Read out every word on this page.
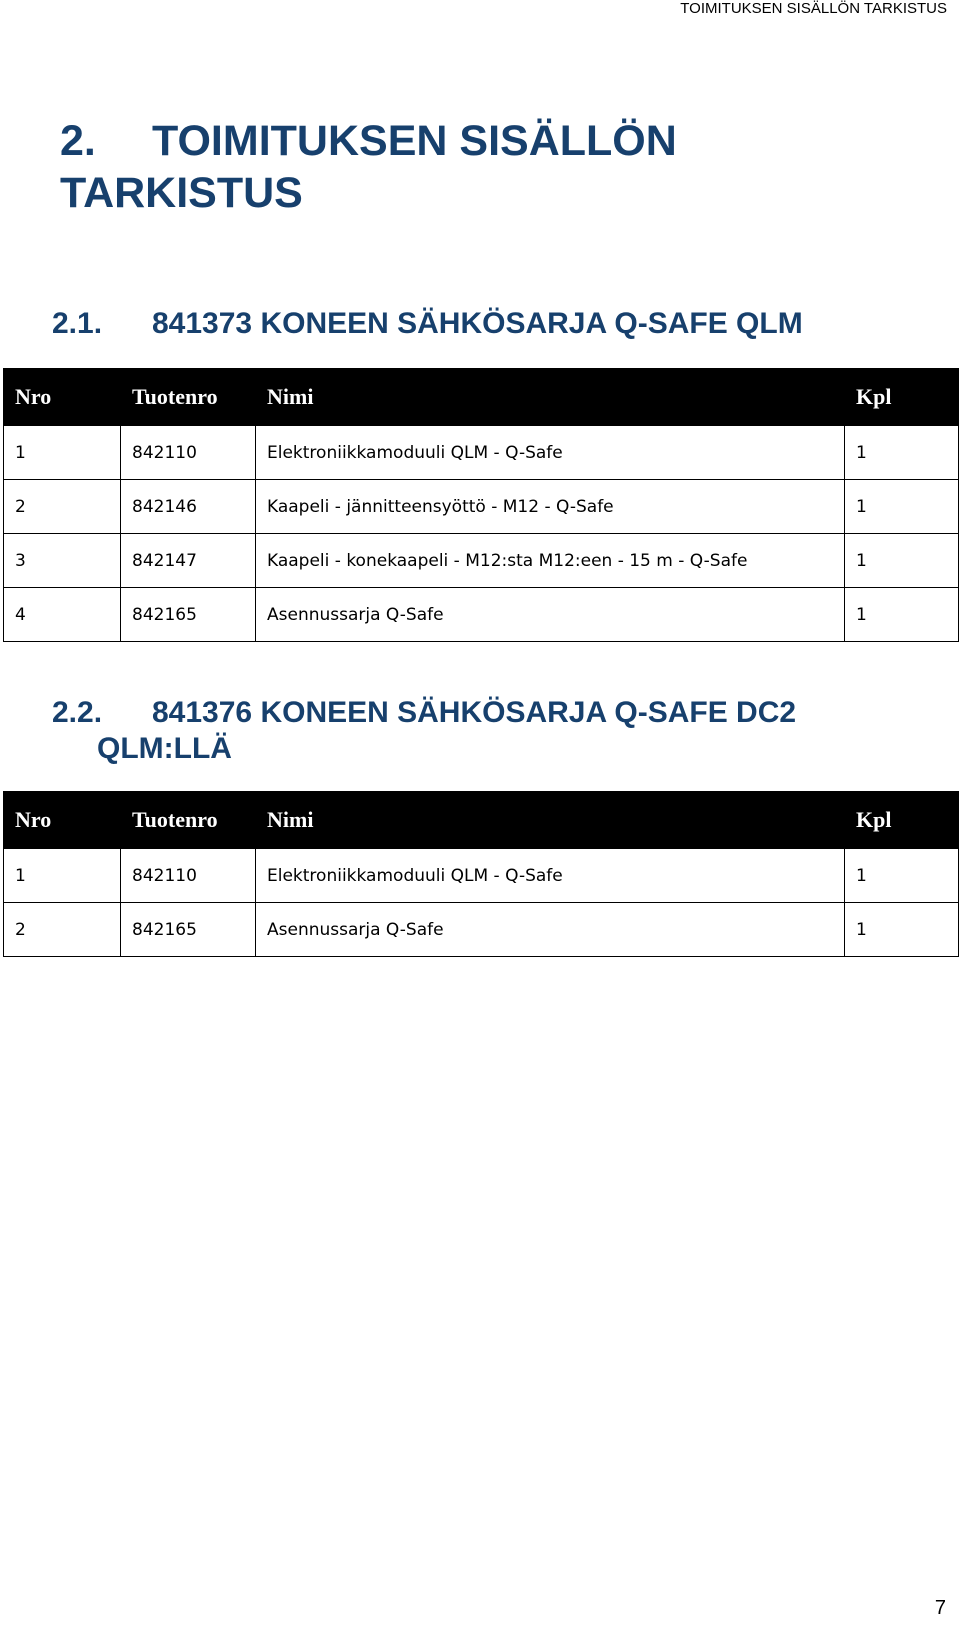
TOIMITUKSEN SISÄLLÖN TARKISTUS
2. TOIMITUKSEN SISÄLLÖN
TARKISTUS
2.1. 841373 KONEEN SÄHKÖSARJA Q-SAFE QLM
Nro	Tuotenro	Nimi	Kpl
1	842110	Elektroniikkamoduuli QLM - Q-Safe	1
2	842146	Kaapeli - jännitteensyöttö - M12 - Q-Safe	1
3	842147	Kaapeli - konekaapeli - M12:sta M12:een - 15 m - Q-Safe	1
4	842165	Asennussarja Q-Safe	1
2.2. 841376 KONEEN SÄHKÖSARJA Q-SAFE DC2
QLM:LLÄ
Nro	Tuotenro	Nimi	Kpl
1	842110	Elektroniikkamoduuli QLM - Q-Safe	1
2	842165	Asennussarja Q-Safe	1
7
